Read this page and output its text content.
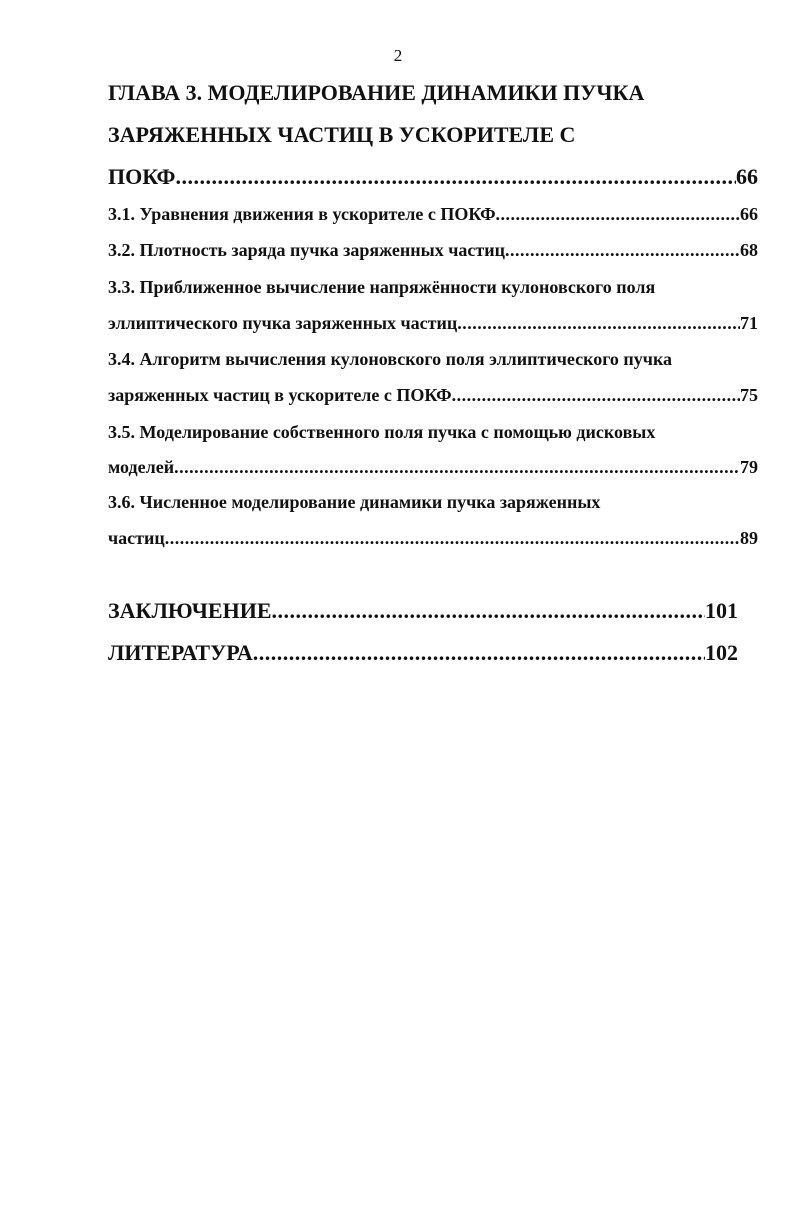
2
ГЛАВА 3. МОДЕЛИРОВАНИЕ ДИНАМИКИ ПУЧКА
ЗАРЯЖЕННЫХ ЧАСТИЦ В УСКОРИТЕЛЕ С
ПОКФ .....	66
3.1. Уравнения движения в ускорителе с ПОКФ .....	66
3.2. Плотность заряда пучка заряженных частиц .....	68
3.3. Приближенное вычисление напряжённости кулоновского поля
эллиптического пучка заряженных частиц .....	71
3.4. Алгоритм вычисления кулоновского поля эллиптического пучка
заряженных частиц в ускорителе с ПОКФ .....	75
3.5. Моделирование собственного поля пучка с помощью дисковых
моделей .....	79
3.6. Численное моделирование динамики пучка заряженных
частиц .....	89
ЗАКЛЮЧЕНИЕ .....	101
ЛИТЕРАТУРА .....	102
